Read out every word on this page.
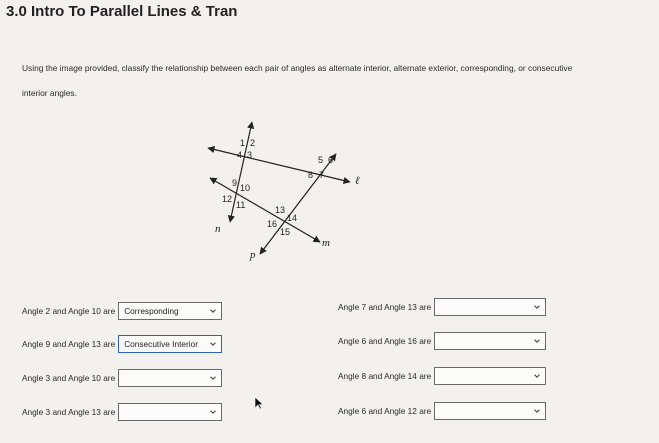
3.0 Intro To Parallel Lines & Tran
Using the image provided, classify the relationship between each pair of angles as alternate interior, alternate exterior, corresponding, or consecutive
interior angles.
1 2
4 3	5 6
8 7
9 10
12
11	13
14
16
15
ℓ
n
m
p
Angle 2 and Angle 10 are Corresponding
Angle 9 and Angle 13 are Consecutive Interior
Angle 3 and Angle 10 are
Angle 3 and Angle 13 are
Angle 7 and Angle 13 are
Angle 6 and Angle 16 are
Angle 8 and Angle 14 are
Angle 6 and Angle 12 are
